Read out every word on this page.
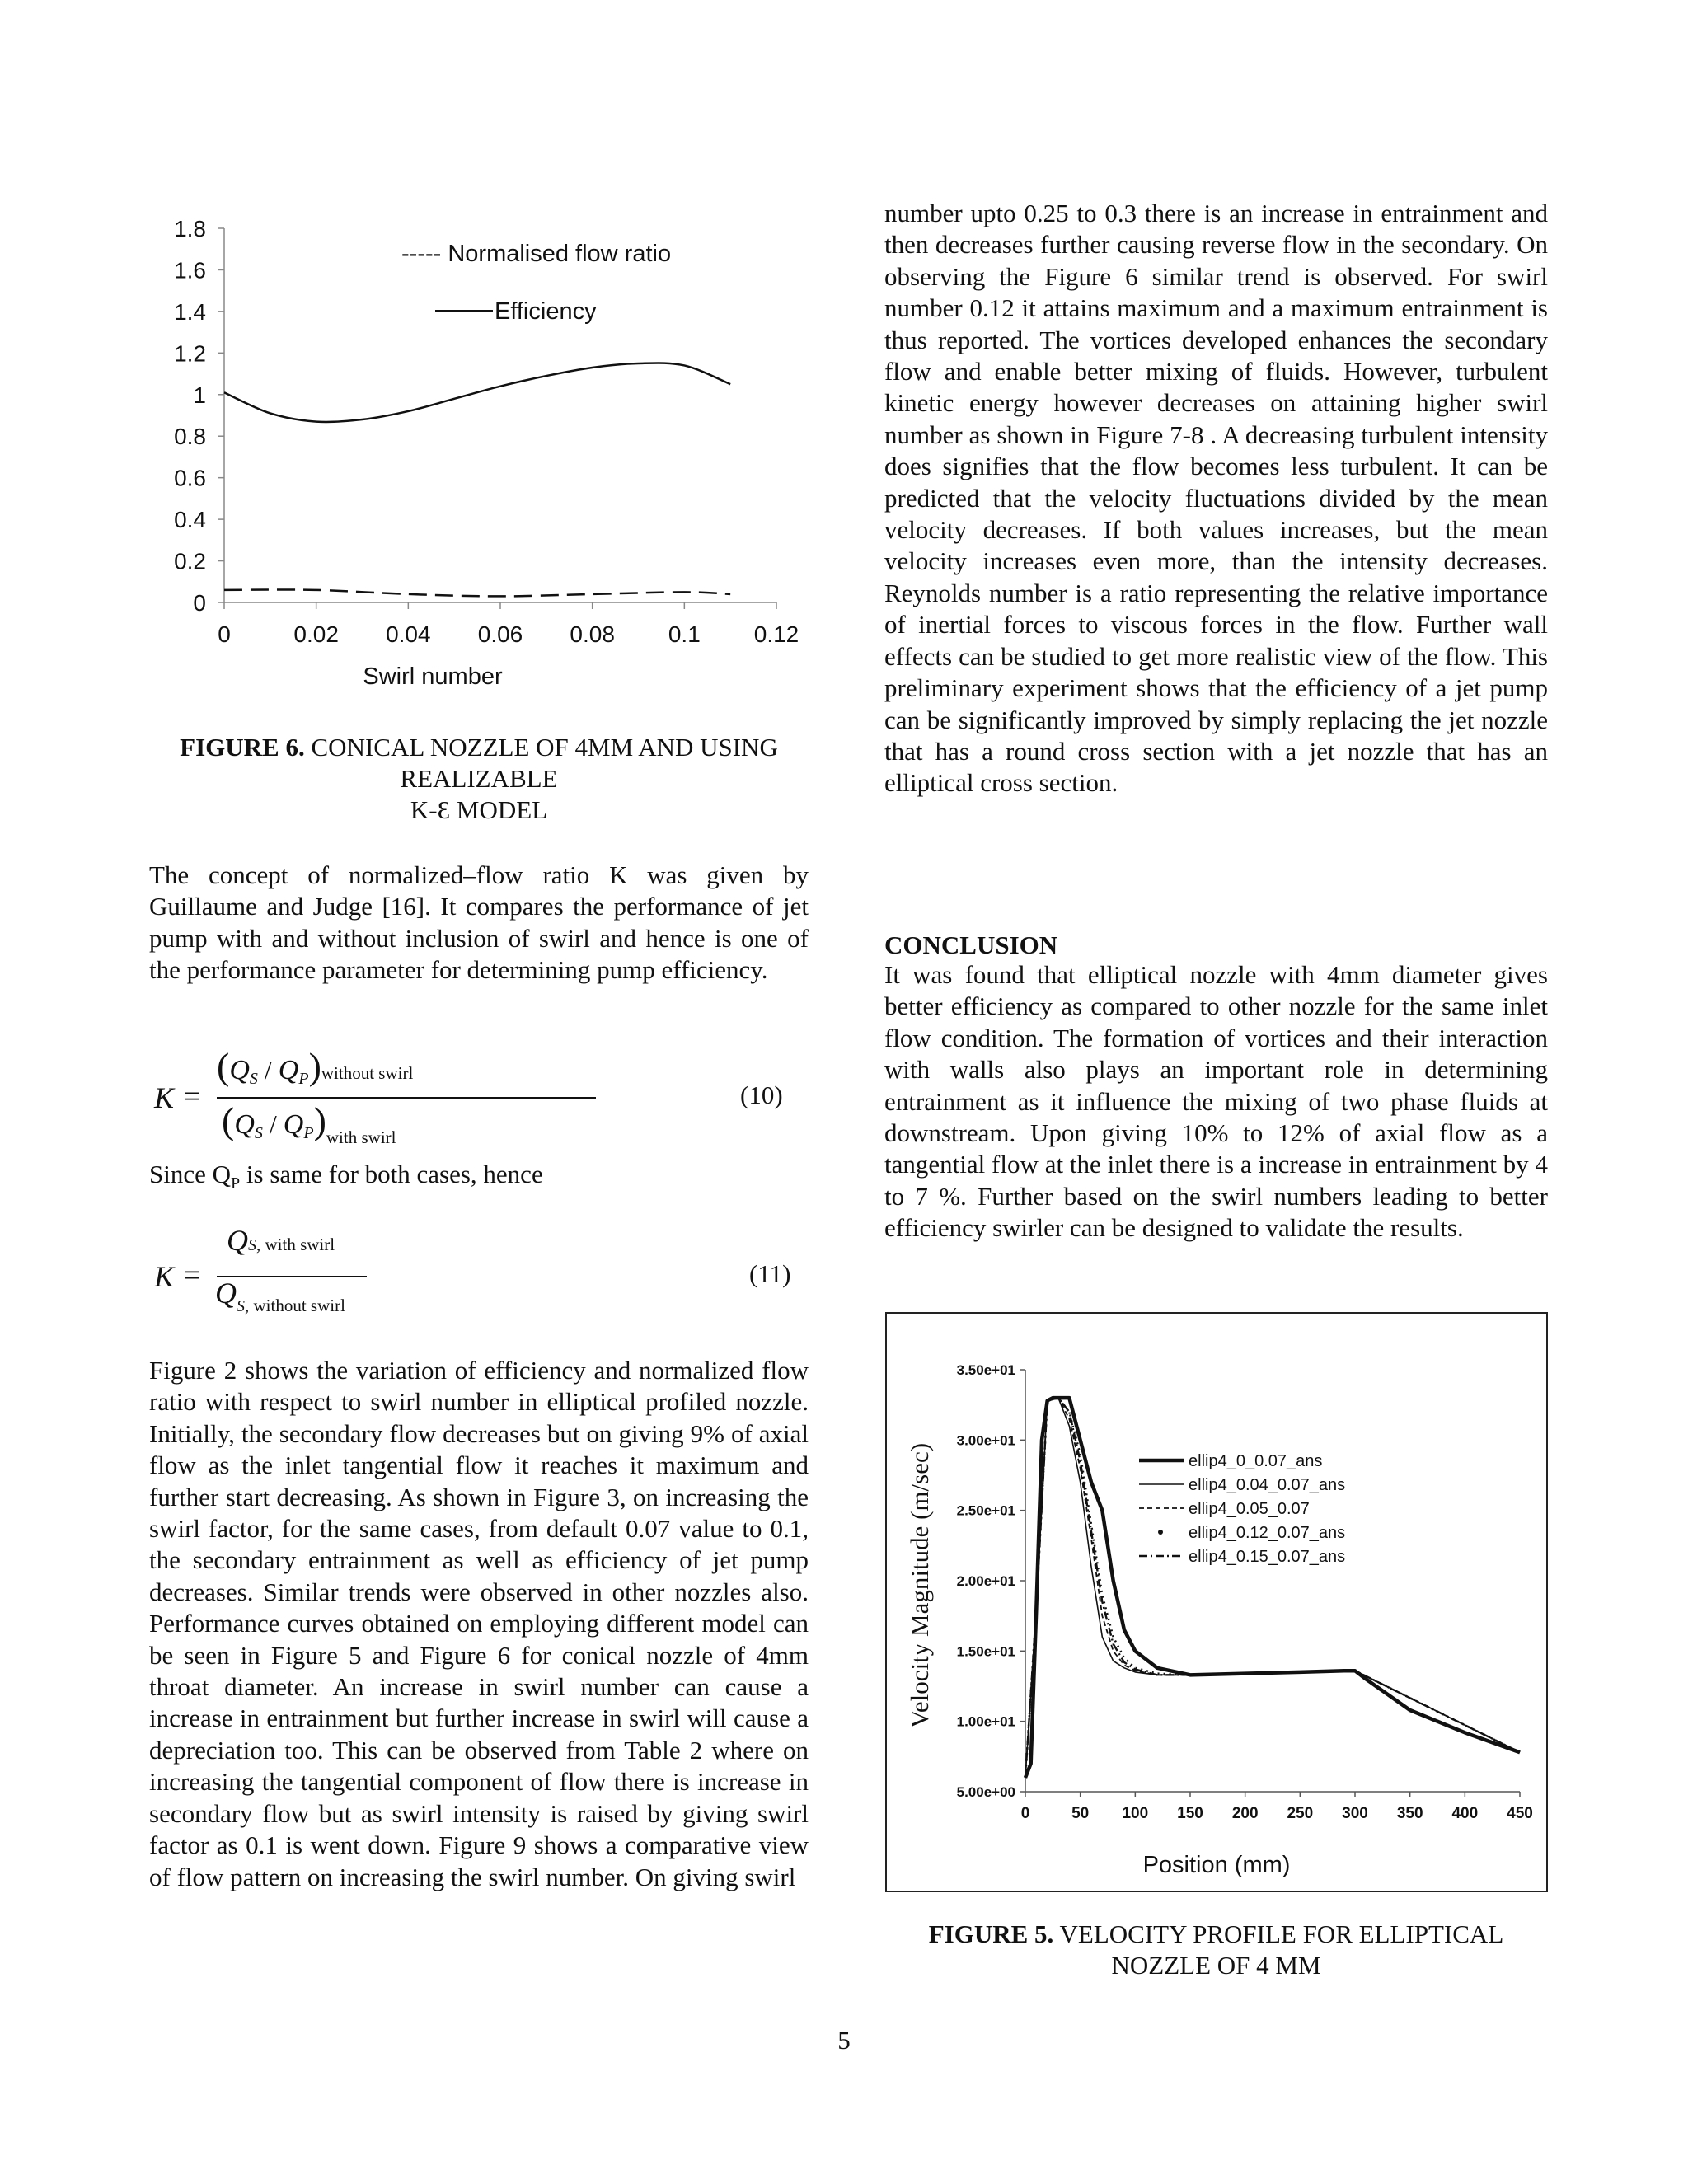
0
0.2
0.4
0.6
0.8
1
1.2
1.4
1.6
1.8
0	0.02 0.04 0.06 0.08 0.1 0.12
----- Normalised flow ratio
Efficiency
Swirl number
FIGURE 6. CONICAL NOZZLE OF 4MM AND USING
REALIZABLE
K-Ɛ MODEL
The concept of normalized–flow ratio K was given by Guillaume and Judge [16]. It compares the performance of jet pump with and without inclusion of swirl and hence is one of the performance parameter for determining pump efficiency.
K =
(QS / QP)without swirl
(QS / QP)with swirl
(10)
Since $Q_P$ is same for both cases, hence
K =
QS, with swirl
QS, without swirl
(11)
Figure 2 shows the variation of efficiency and normalized flow ratio with respect to swirl number in elliptical profiled nozzle. Initially, the secondary flow decreases but on giving 9% of axial flow as the inlet tangential flow it reaches it maximum and further start decreasing. As shown in Figure 3, on increasing the swirl factor, for the same cases, from default 0.07 value to 0.1, the secondary entrainment as well as efficiency of jet pump decreases. Similar trends were observed in other nozzles also. Performance curves obtained on employing different model can be seen in Figure 5 and Figure 6 for conical nozzle of 4mm throat diameter. An increase in swirl number can cause a increase in entrainment but further increase in swirl will cause a depreciation too. This can be observed from Table 2 where on increasing the tangential component of flow there is increase in secondary flow but as swirl intensity is raised by giving swirl factor as 0.1 is went down. Figure 9 shows a comparative view of flow pattern on increasing the swirl number. On giving swirl
number upto 0.25 to 0.3 there is an increase in entrainment and then decreases further causing reverse flow in the secondary. On observing the Figure 6 similar trend is observed. For swirl number 0.12 it attains maximum and a maximum entrainment is thus reported. The vortices developed enhances the secondary flow and enable better mixing of fluids. However, turbulent kinetic energy however decreases on attaining higher swirl number as shown in Figure 7-8 . A decreasing turbulent intensity does signifies that the flow becomes less turbulent. It can be predicted that the velocity fluctuations divided by the mean velocity decreases. If both values increases, but the mean velocity increases even more, than the intensity decreases. Reynolds number is a ratio representing the relative importance of inertial forces to viscous forces in the flow. Further wall effects can be studied to get more realistic view of the flow. This preliminary experiment shows that the efficiency of a jet pump can be significantly improved by simply replacing the jet nozzle that has a round cross section with a jet nozzle that has an elliptical cross section.
CONCLUSION
It was found that elliptical nozzle with 4mm diameter gives better efficiency as compared to other nozzle for the same inlet flow condition. The formation of vortices and their interaction with walls also plays an important role in determining entrainment as it influence the mixing of two phase fluids at downstream. Upon giving 10% to 12% of axial flow as a tangential flow at the inlet there is a increase in entrainment by 4 to 7 %. Further based on the swirl numbers leading to better efficiency swirler can be designed to validate the results.
5.00e+00
1.00e+01
1.50e+01
2.00e+01
2.50e+01
3.00e+01
3.50e+01
0	50 100 150 200 250 300 350 400 450
ellip4_0_0.07_ans
ellip4_0.04_0.07_ans
ellip4_0.05_0.07
ellip4_0.12_0.07_ans
ellip4_0.15_0.07_ans
Velocity Magnitude (m/sec)
Position (mm)
FIGURE 5. VELOCITY PROFILE FOR ELLIPTICAL
NOZZLE OF 4 MM
5
